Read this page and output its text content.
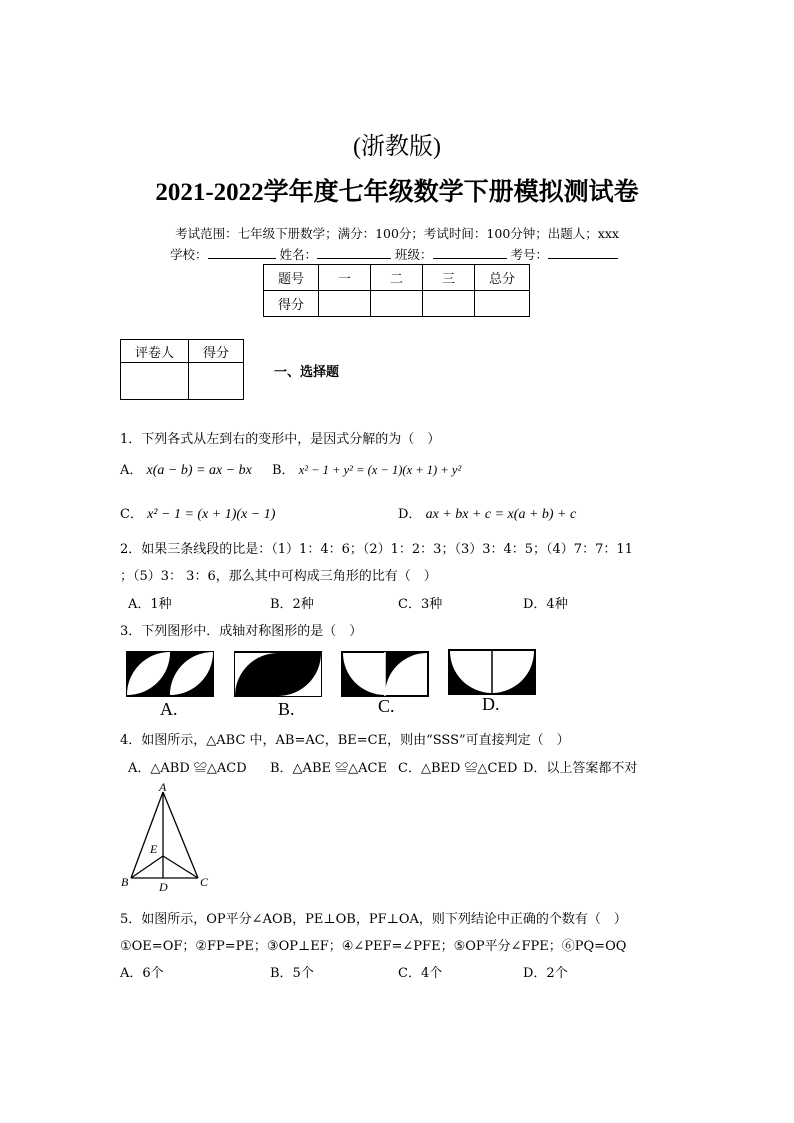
(浙教版)
2021-2022学年度七年级数学下册模拟测试卷
考试范围：七年级下册数学；满分：100分；考试时间：100分钟；出题人；xxx
学校：	姓名：	班级：	考号：
题号	一	二	三	总分
得分				
评卷人	得分

一、选择题
1．下列各式从左到右的变形中，是因式分解的为（　）
A． x(a − b) = ax − bx B． x² − 1 + y² = (x − 1)(x + 1) + y²
C． x² − 1 = (x + 1)(x − 1)	D． ax + bx + c = x(a + b) + c
2．如果三条线段的比是：（1）1：4：6；（2）1：2：3；（3）3：4：5；（4）7：7：11
；（5）3： 3：6，那么其中可构成三角形的比有（　）
A．1种	B．2种	C．3种	D．4种
3．下列图形中．成轴对称图形的是（　）
A.	B.	C.	D.
4．如图所示，△ABC 中，AB=AC，BE=CE，则由“SSS”可直接判定（　）
A．△ABD ≌△ACD B．△ABE ≌△ACE C．△BED ≌△CED D．以上答案都不对
A
E
B	D	C
5．如图所示，OP平分∠AOB，PE⊥OB，PF⊥OA，则下列结论中正确的个数有（　）
①OE=OF；②FP=PE；③OP⊥EF；④∠PEF=∠PFE；⑤OP平分∠FPE；⑥PQ=OQ
A．6个	B．5个	C．4个	D．2个
